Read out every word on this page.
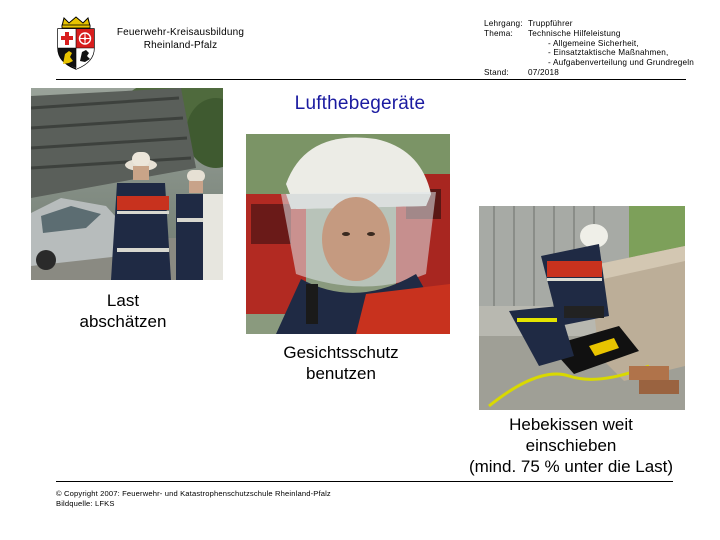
Feuerwehr-Kreisausbildung
Rheinland-Pfalz
Lehrgang: Truppführer
Thema:	Technische Hilfeleistung
- Allgemeine Sicherheit,
- Einsatztaktische Maßnahmen,
- Aufgabenverteilung und Grundregeln
Stand:	07/2018
Lufthebegeräte
Last
abschätzen
Gesichtsschutz
benutzen
Hebekissen weit
einschieben
(mind. 75 % unter die Last)
© Copyright 2007: Feuerwehr- und Katastrophenschutzschule Rheinland-Pfalz
Bildquelle: LFKS
